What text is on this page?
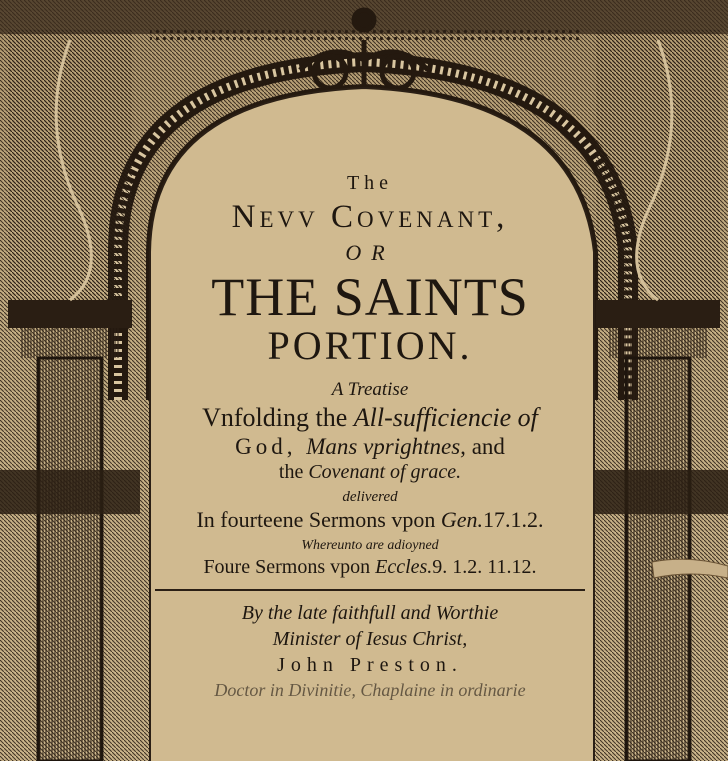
The
Nevv Covenant,
OR
THE SAINTS
PORTION.
A Treatise
Vnfolding the All-sufficiencie of
God, Mans vprightnes, and
the Covenant of grace.
delivered
In fourteene Sermons vpon Gen.17.1.2.
Whereunto are adioyned
Foure Sermons vpon Eccles.9. 1.2. 11.12.
By the late faithfull and Worthie
Minister of Iesus Christ,
John Preston.
Doctor in Divinitie, Chaplaine in ordinarie
